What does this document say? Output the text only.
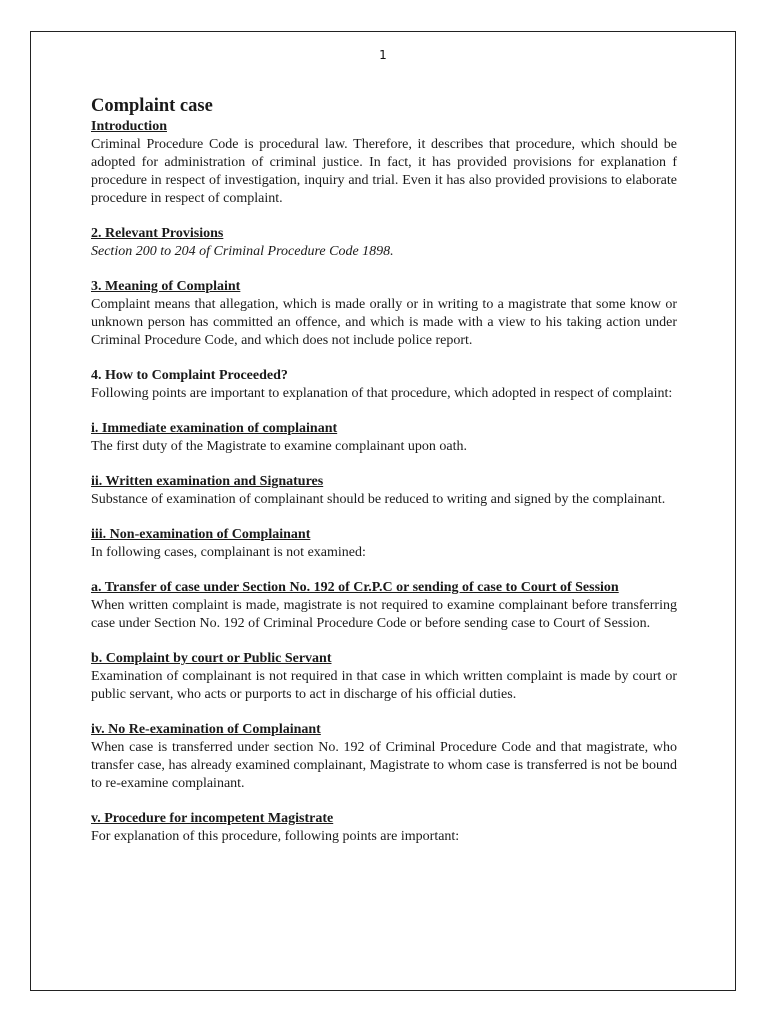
1
Complaint case

Introduction

Criminal Procedure Code is procedural law. Therefore, it describes that procedure, which should be adopted for administration of criminal justice. In fact, it has provided provisions for explanation f procedure in respect of investigation, inquiry and trial. Even it has also provided provisions to elaborate procedure in respect of complaint.

2. Relevant Provisions

Section 200 to 204 of Criminal Procedure Code 1898.

3. Meaning of Complaint

Complaint means that allegation, which is made orally or in writing to a magistrate that some know or unknown person has committed an offence, and which is made with a view to his taking action under Criminal Procedure Code, and which does not include police report.

4. How to Complaint Proceeded?

Following points are important to explanation of that procedure, which adopted in respect of complaint:

i. Immediate examination of complainant

The first duty of the Magistrate to examine complainant upon oath.

ii. Written examination and Signatures

Substance of examination of complainant should be reduced to writing and signed by the complainant.

iii. Non-examination of Complainant

In following cases, complainant is not examined:

a. Transfer of case under Section No. 192 of Cr.P.C or sending of case to Court of Session

When written complaint is made, magistrate is not required to examine complainant before transferring case under Section No. 192 of Criminal Procedure Code or before sending case to Court of Session.

b. Complaint by court or Public Servant

Examination of complainant is not required in that case in which written complaint is made by court or public servant, who acts or purports to act in discharge of his official duties.

iv. No Re-examination of Complainant

When case is transferred under section No. 192 of Criminal Procedure Code and that magistrate, who transfer case, has already examined complainant, Magistrate to whom case is transferred is not be bound to re-examine complainant.

v. Procedure for incompetent Magistrate

For explanation of this procedure, following points are important:
